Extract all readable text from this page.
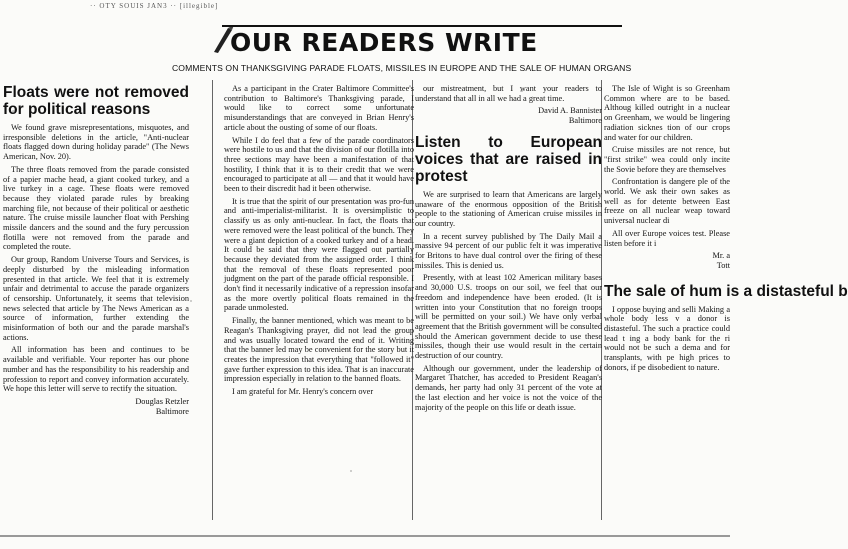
·· OTY SOUIS JAN3 ·· [illegible]
OUR READERS WRITE
COMMENTS ON THANKSGIVING PARADE FLOATS, MISSILES IN EUROPE AND THE SALE OF HUMAN ORGANS
Floats were not removed for political reasons

We found grave misrepresentations, misquotes, and irresponsible deletions in the article, "Anti-nuclear floats flagged down during holiday parade" (The News American, Nov. 20).

The three floats removed from the parade consisted of a papier mache head, a giant cooked turkey, and a live turkey in a cage. These floats were removed because they violated parade rules by breaking marching file, not because of their political or aesthetic nature. The cruise missile launcher float with Pershing missile dancers and the sound and the fury percussion flotilla were not removed from the parade and completed the route.

Our group, Random Universe Tours and Services, is deeply disturbed by the misleading information presented in that article. We feel that it is extremely unfair and detrimental to accuse the parade organizers of censorship. Unfortunately, it seems that television news selected that article by The News American as a source of information, further extending the misinformation of both our and the parade marshal's actions.

All information has been and continues to be available and verifiable. Your reporter has our phone number and has the responsibility to his readership and profession to report and convey information accurately. We hope this letter will serve to rectify the situation.

Douglas Retzler

Baltimore

As a participant in the Crater Baltimore Committee's contribution to Baltimore's Thanksgiving parade, I would like to correct some unfortunate misunderstandings that are conveyed in Brian Henry's article about the ousting of some of our floats.

While I do feel that a few of the parade coordinators were hostile to us and that the division of our flotilla into three sections may have been a manifestation of that hostility, I think that it is to their credit that we were encouraged to participate at all — and that it would have been to their discredit had it been otherwise.

It is true that the spirit of our presentation was pro-fun and anti-imperialist-militarist. It is oversimplistic to classify us as only anti-nuclear. In fact, the floats that were removed were the least political of the bunch. They were a giant depiction of a cooked turkey and of a head. It could be said that they were flagged out partially because they deviated from the assigned order. I think that the removal of these floats represented poor judgment on the part of the parade official responsible. I don't find it necessarily indicative of a repression insofar as the more overtly political floats remained in the parade unmolested.

Finally, the banner mentioned, which was meant to be Reagan's Thanksgiving prayer, did not lead the group and was usually located toward the end of it. Writing that the banner led may be convenient for the story but it creates the impression that everything that "followed it" gave further expression to this idea. That is an inaccurate impression especially in relation to the banned floats.

I am grateful for Mr. Henry's concern over

our mistreatment, but I want your readers to understand that all in all we had a great time.

David A. Bannister

Baltimore

Listen to European voices that are raised in protest

We are surprised to learn that Americans are largely unaware of the enormous opposition of the British people to the stationing of American cruise missiles in our country.

In a recent survey published by The Daily Mail a massive 94 percent of our public felt it was imperative for Britons to have dual control over the firing of these missiles. This is denied us.

Presently, with at least 102 American military bases and 30,000 U.S. troops on our soil, we feel that our freedom and independence have been eroded. (It is written into your Constitution that no foreign troops will be permitted on your soil.) We have only verbal agreement that the British government will be consulted should the American government decide to use these missiles, though their use would result in the certain destruction of our country.

Although our government, under the leadership of Margaret Thatcher, has acceded to President Reagan's demands, her party had only 31 percent of the vote at the last election and her voice is not the voice of the majority of the people on this life or death issue.

The Isle of Wight is so Greenham Common where are to be based. Althoug killed outright in a nuclear on Greenham, we would be lingering radiation sicknes tion of our crops and water for our children.

Cruise missiles are not rence, but "first strike" wea could only incite the Sovie before they are themselves

Confrontation is dangere ple of the world. We ask their own sakes as well as for detente between East freeze on all nuclear weap toward universal nuclear di

All over Europe voices test. Please listen before it i

Mr. a

Tott

The sale of hum is a distasteful b

I oppose buying and selli Making a whole body less v a donor is distasteful. The such a practice could lead t ing a body bank for the ri would not be such a dema and for transplants, with pe high prices to donors, if pe disobedient to nature.
